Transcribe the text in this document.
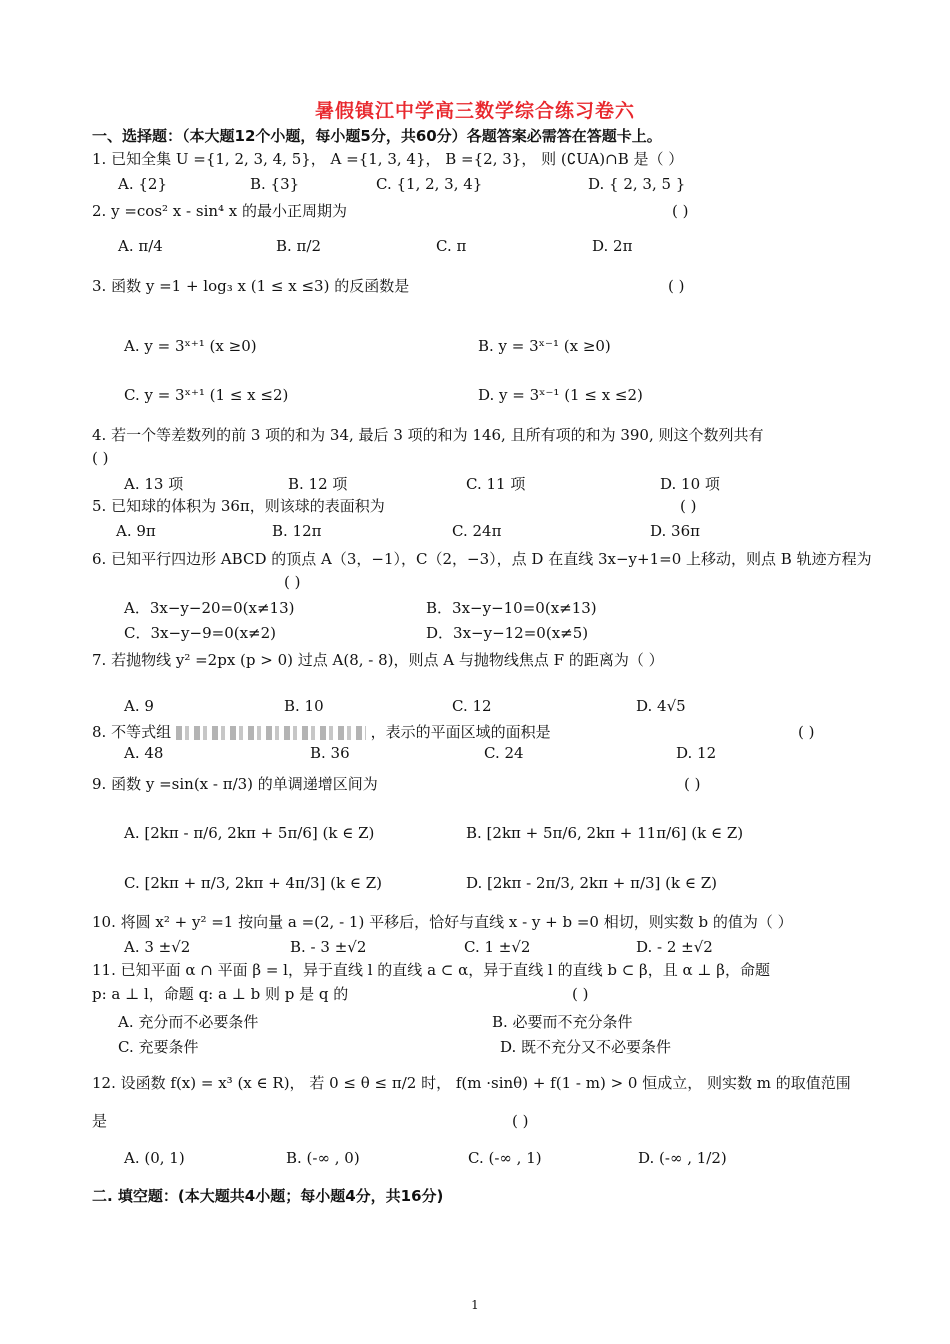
暑假镇江中学高三数学综合练习卷六
一、选择题：（本大题12个小题，每小题5分，共60分）各题答案必需答在答题卡上。
1. 已知全集 U ={1, 2, 3, 4, 5}， A ={1, 3, 4}， B ={2, 3}， 则 (∁UA)∩B 是（ ）
A. {2}	B. {3}	C. {1, 2, 3, 4}	D. { 2, 3, 5 }
2. y =cos² x - sin⁴ x 的最小正周期为	( )
A. π/4	B. π/2	C. π	D. 2π
3. 函数 y =1 + log₃ x (1 ≤ x ≤3) 的反函数是	( )
A. y = 3ˣ⁺¹ (x ≥0)	B. y = 3ˣ⁻¹ (x ≥0)
C. y = 3ˣ⁺¹ (1 ≤ x ≤2)	D. y = 3ˣ⁻¹ (1 ≤ x ≤2)
4. 若一个等差数列的前 3 项的和为 34, 最后 3 项的和为 146, 且所有项的和为 390, 则这个数列共有
( )
A. 13 项	B. 12 项	C. 11 项	D. 10 项
5. 已知球的体积为 36π，则该球的表面积为	( )
A. 9π	B. 12π	C. 24π	D. 36π
6. 已知平行四边形 ABCD 的顶点 A（3，−1），C（2，−3），点 D 在直线 3x−y+1=0 上移动，则点 B 轨迹方程为
( )
A．3x−y−20=0(x≠13)	B．3x−y−10=0(x≠13)
C．3x−y−9=0(x≠2)	D．3x−y−12=0(x≠5)
7. 若抛物线 y² =2px (p > 0) 过点 A(8, - 8)，则点 A 与抛物线焦点 F 的距离为（ ）
A. 9	B. 10	C. 12	D. 4√5
8. 不等式组	，表示的平面区域的面积是	( )
A. 48	B. 36	C. 24	D. 12
9. 函数 y =sin(x - π/3) 的单调递增区间为	( )
A. [2kπ - π/6, 2kπ + 5π/6] (k ∈ Z)	B. [2kπ + 5π/6, 2kπ + 11π/6] (k ∈ Z)
C. [2kπ + π/3, 2kπ + 4π/3] (k ∈ Z)	D. [2kπ - 2π/3, 2kπ + π/3] (k ∈ Z)
10. 将圆 x² + y² =1 按向量 a =(2, - 1) 平移后，恰好与直线 x - y + b =0 相切，则实数 b 的值为（ ）
A. 3 ±√2	B. - 3 ±√2	C. 1 ±√2	D. - 2 ±√2
11. 已知平面 α ∩ 平面 β = l，异于直线 l 的直线 a ⊂ α，异于直线 l 的直线 b ⊂ β，且 α ⊥ β，命题
p: a ⊥ l，命题 q: a ⊥ b 则 p 是 q 的	( )
A. 充分而不必要条件	B. 必要而不充分条件
C. 充要条件	D. 既不充分又不必要条件
12. 设函数 f(x) = x³ (x ∈ R)， 若 0 ≤ θ ≤ π/2 时， f(m ·sinθ) + f(1 - m) > 0 恒成立， 则实数 m 的取值范围
是	( )
A. (0, 1)	B. (-∞ , 0)	C. (-∞ , 1)	D. (-∞ , 1/2)
二. 填空题：(本大题共4小题；每小题4分，共16分)
1
